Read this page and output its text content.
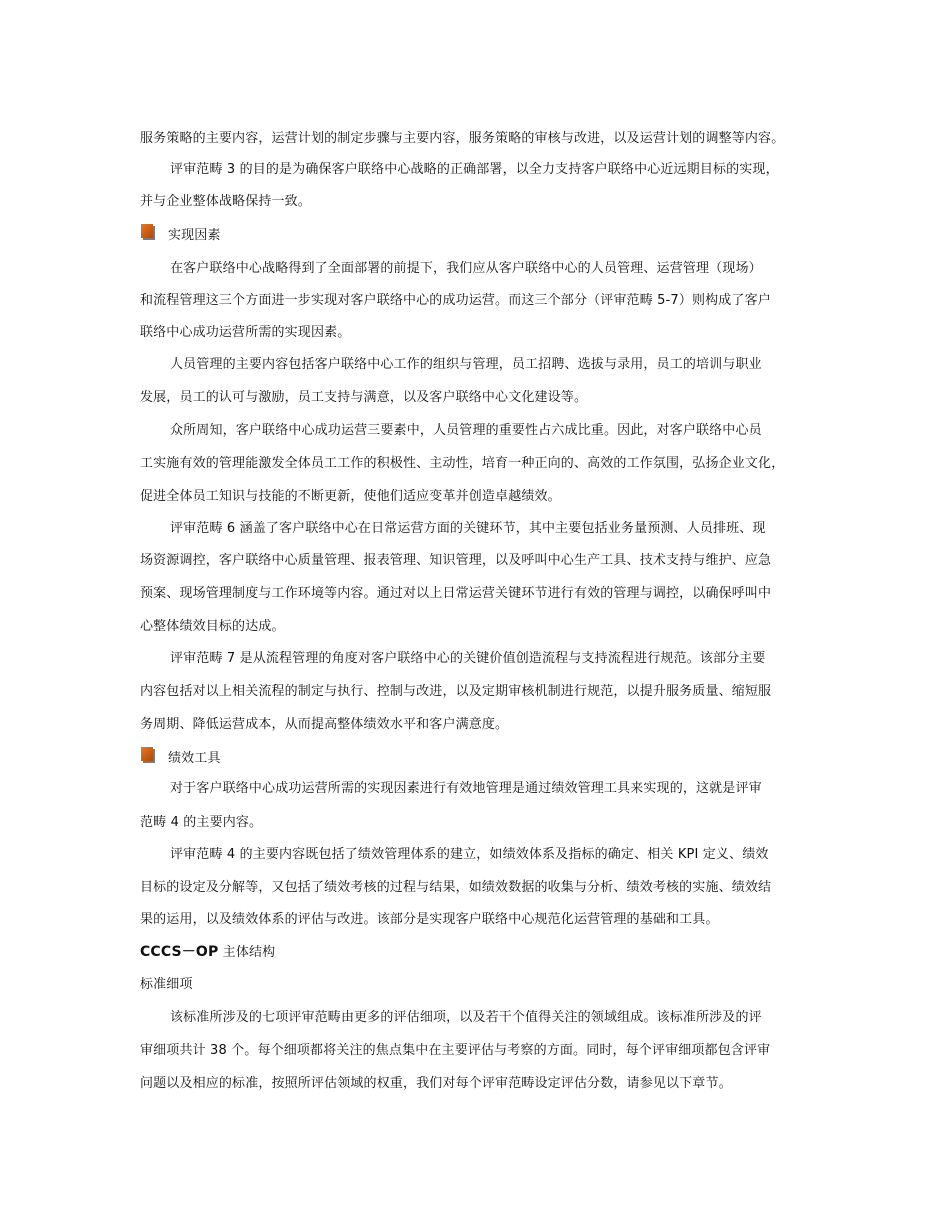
服务策略的主要内容，运营计划的制定步骤与主要内容，服务策略的审核与改进，以及运营计划的调整等内容。
评审范畴 3 的目的是为确保客户联络中心战略的正确部署，以全力支持客户联络中心近远期目标的实现，
并与企业整体战略保持一致。
实现因素
在客户联络中心战略得到了全面部署的前提下，我们应从客户联络中心的人员管理、运营管理（现场）
和流程管理这三个方面进一步实现对客户联络中心的成功运营。而这三个部分（评审范畴 5-7）则构成了客户
联络中心成功运营所需的实现因素。
人员管理的主要内容包括客户联络中心工作的组织与管理，员工招聘、选拔与录用，员工的培训与职业
发展，员工的认可与激励，员工支持与满意，以及客户联络中心文化建设等。
众所周知，客户联络中心成功运营三要素中，人员管理的重要性占六成比重。因此，对客户联络中心员
工实施有效的管理能激发全体员工工作的积极性、主动性，培育一种正向的、高效的工作氛围，弘扬企业文化，
促进全体员工知识与技能的不断更新，使他们适应变革并创造卓越绩效。
评审范畴 6 涵盖了客户联络中心在日常运营方面的关键环节，其中主要包括业务量预测、人员排班、现
场资源调控，客户联络中心质量管理、报表管理、知识管理，以及呼叫中心生产工具、技术支持与维护、应急
预案、现场管理制度与工作环境等内容。通过对以上日常运营关键环节进行有效的管理与调控，以确保呼叫中
心整体绩效目标的达成。
评审范畴 7 是从流程管理的角度对客户联络中心的关键价值创造流程与支持流程进行规范。该部分主要
内容包括对以上相关流程的制定与执行、控制与改进，以及定期审核机制进行规范，以提升服务质量、缩短服
务周期、降低运营成本，从而提高整体绩效水平和客户满意度。
绩效工具
对于客户联络中心成功运营所需的实现因素进行有效地管理是通过绩效管理工具来实现的，这就是评审
范畴 4 的主要内容。
评审范畴 4 的主要内容既包括了绩效管理体系的建立，如绩效体系及指标的确定、相关 KPI 定义、绩效
目标的设定及分解等，又包括了绩效考核的过程与结果，如绩效数据的收集与分析、绩效考核的实施、绩效结
果的运用，以及绩效体系的评估与改进。该部分是实现客户联络中心规范化运营管理的基础和工具。
CCCS－OP 主体结构
标准细项
该标准所涉及的七项评审范畴由更多的评估细项，以及若干个值得关注的领域组成。该标准所涉及的评
审细项共计 38 个。每个细项都将关注的焦点集中在主要评估与考察的方面。同时，每个评审细项都包含评审
问题以及相应的标准，按照所评估领域的权重，我们对每个评审范畴设定评估分数，请参见以下章节。
